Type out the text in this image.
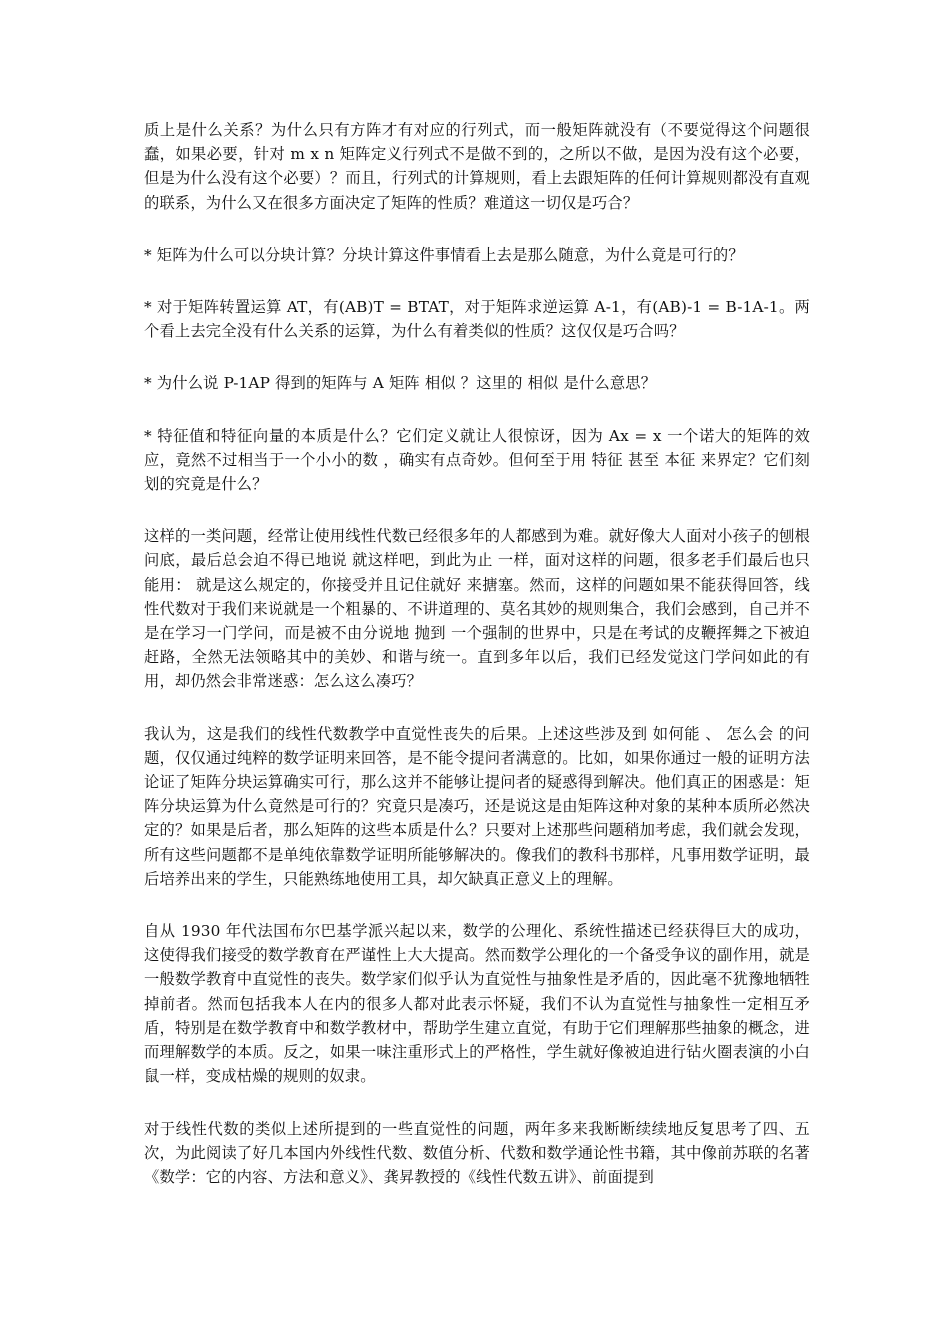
质上是什么关系？为什么只有方阵才有对应的行列式，而一般矩阵就没有（不要觉得这个问题很蠢，如果必要，针对 m x n 矩阵定义行列式不是做不到的，之所以不做，是因为没有这个必要，但是为什么没有这个必要）？而且，行列式的计算规则，看上去跟矩阵的任何计算规则都没有直观的联系，为什么又在很多方面决定了矩阵的性质？难道这一切仅是巧合？

* 矩阵为什么可以分块计算？分块计算这件事情看上去是那么随意，为什么竟是可行的？

* 对于矩阵转置运算 AT，有(AB)T = BTAT，对于矩阵求逆运算 A-1，有(AB)-1 = B-1A-1。两个看上去完全没有什么关系的运算，为什么有着类似的性质？这仅仅是巧合吗？

* 为什么说 P-1AP 得到的矩阵与 A 矩阵 相似 ？这里的 相似 是什么意思？

* 特征值和特征向量的本质是什么？它们定义就让人很惊讶，因为 Ax = x 一个诺大的矩阵的效应，竟然不过相当于一个小小的数 ，确实有点奇妙。但何至于用 特征 甚至 本征 来界定？它们刻划的究竟是什么？

这样的一类问题，经常让使用线性代数已经很多年的人都感到为难。就好像大人面对小孩子的刨根问底，最后总会迫不得已地说 就这样吧，到此为止 一样，面对这样的问题，很多老手们最后也只能用： 就是这么规定的，你接受并且记住就好 来搪塞。然而，这样的问题如果不能获得回答，线性代数对于我们来说就是一个粗暴的、不讲道理的、莫名其妙的规则集合，我们会感到，自己并不是在学习一门学问，而是被不由分说地 抛到 一个强制的世界中，只是在考试的皮鞭挥舞之下被迫赶路，全然无法领略其中的美妙、和谐与统一。直到多年以后，我们已经发觉这门学问如此的有用，却仍然会非常迷惑：怎么这么凑巧？

我认为，这是我们的线性代数教学中直觉性丧失的后果。上述这些涉及到 如何能 、 怎么会 的问题，仅仅通过纯粹的数学证明来回答，是不能令提问者满意的。比如，如果你通过一般的证明方法论证了矩阵分块运算确实可行，那么这并不能够让提问者的疑惑得到解决。他们真正的困惑是：矩阵分块运算为什么竟然是可行的？究竟只是凑巧，还是说这是由矩阵这种对象的某种本质所必然决定的？如果是后者，那么矩阵的这些本质是什么？只要对上述那些问题稍加考虑，我们就会发现，所有这些问题都不是单纯依靠数学证明所能够解决的。像我们的教科书那样，凡事用数学证明，最后培养出来的学生，只能熟练地使用工具，却欠缺真正意义上的理解。

自从 1930 年代法国布尔巴基学派兴起以来，数学的公理化、系统性描述已经获得巨大的成功，这使得我们接受的数学教育在严谨性上大大提高。然而数学公理化的一个备受争议的副作用，就是一般数学教育中直觉性的丧失。数学家们似乎认为直觉性与抽象性是矛盾的，因此毫不犹豫地牺牲掉前者。然而包括我本人在内的很多人都对此表示怀疑，我们不认为直觉性与抽象性一定相互矛盾，特别是在数学教育中和数学教材中，帮助学生建立直觉，有助于它们理解那些抽象的概念，进而理解数学的本质。反之，如果一味注重形式上的严格性，学生就好像被迫进行钻火圈表演的小白鼠一样，变成枯燥的规则的奴隶。

对于线性代数的类似上述所提到的一些直觉性的问题，两年多来我断断续续地反复思考了四、五次，为此阅读了好几本国内外线性代数、数值分析、代数和数学通论性书籍，其中像前苏联的名著《数学：它的内容、方法和意义》、龚昇教授的《线性代数五讲》、前面提到
